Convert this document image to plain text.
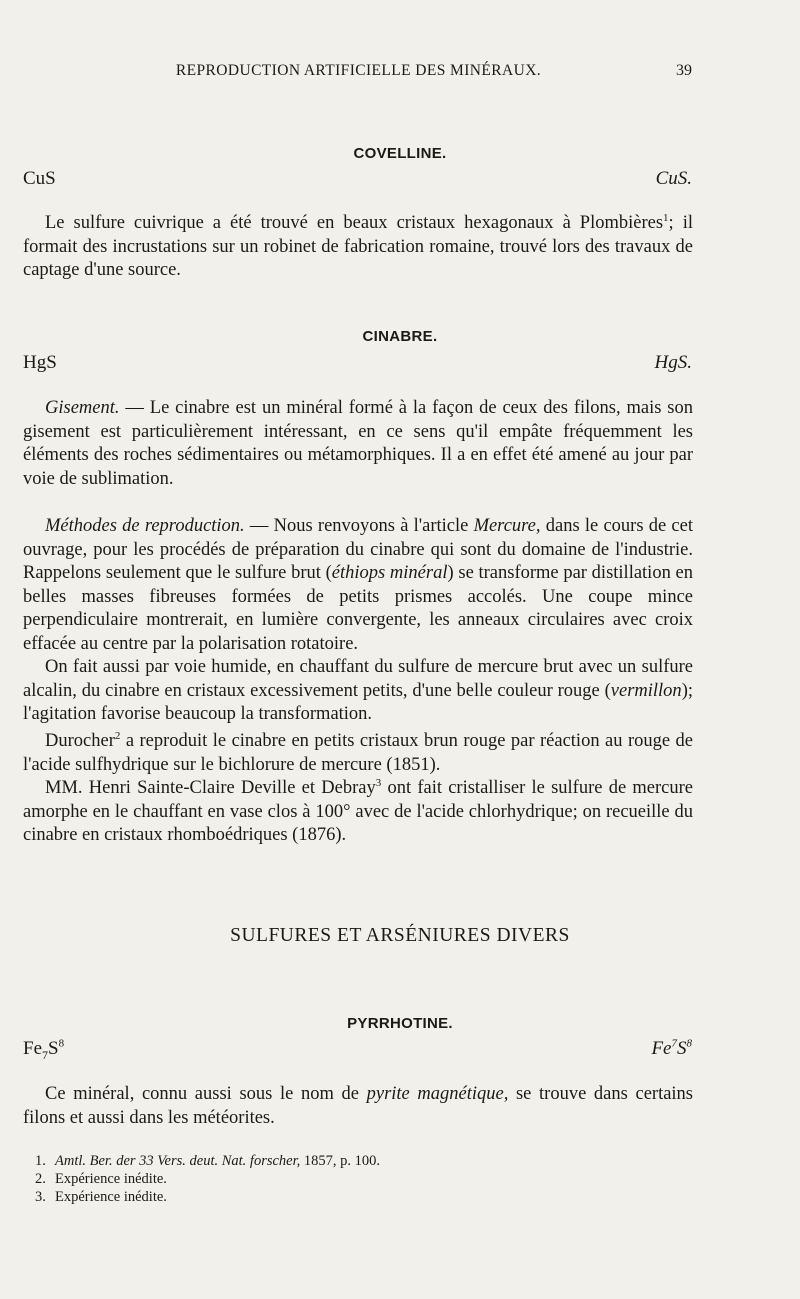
REPRODUCTION ARTIFICIELLE DES MINÉRAUX.	39
COVELLINE.
CuS	CuS.

Le sulfure cuivrique a été trouvé en beaux cristaux hexagonaux à Plombières$^1$; il formait des incrustations sur un robinet de fabrication romaine, trouvé lors des travaux de captage d'une source.

CINABRE.
HgS	HgS.

Gisement. — Le cinabre est un minéral formé à la façon de ceux des filons, mais son gisement est particulièrement intéressant, en ce sens qu'il empâte fréquemment les éléments des roches sédimentaires ou métamorphiques. Il a en effet été amené au jour par voie de sublimation.

Méthodes de reproduction. — Nous renvoyons à l'article Mercure, dans le cours de cet ouvrage, pour les procédés de préparation du cinabre qui sont du domaine de l'industrie. Rappelons seulement que le sulfure brut (éthiops minéral) se transforme par distillation en belles masses fibreuses formées de petits prismes accolés. Une coupe mince perpendiculaire montrerait, en lumière convergente, les anneaux circulaires avec croix effacée au centre par la polarisation rotatoire.

On fait aussi par voie humide, en chauffant du sulfure de mercure brut avec un sulfure alcalin, du cinabre en cristaux excessivement petits, d'une belle couleur rouge (vermillon); l'agitation favorise beaucoup la transformation.

Durocher$^2$ a reproduit le cinabre en petits cristaux brun rouge par réaction au rouge de l'acide sulfhydrique sur le bichlorure de mercure (1851).

MM. Henri Sainte-Claire Deville et Debray$^3$ ont fait cristalliser le sulfure de mercure amorphe en le chauffant en vase clos à 100° avec de l'acide chlorhydrique; on recueille du cinabre en cristaux rhomboédriques (1876).

SULFURES ET ARSÉNIURES DIVERS
PYRRHOTINE.
$Fe_7S^8$	$Fe^7S^8$

Ce minéral, connu aussi sous le nom de pyrite magnétique, se trouve dans certains filons et aussi dans les météorites.

1. Amtl. Ber. der 33 Vers. deut. Nat. forscher, 1857, p. 100.
2. Expérience inédite.
3. Expérience inédite.
